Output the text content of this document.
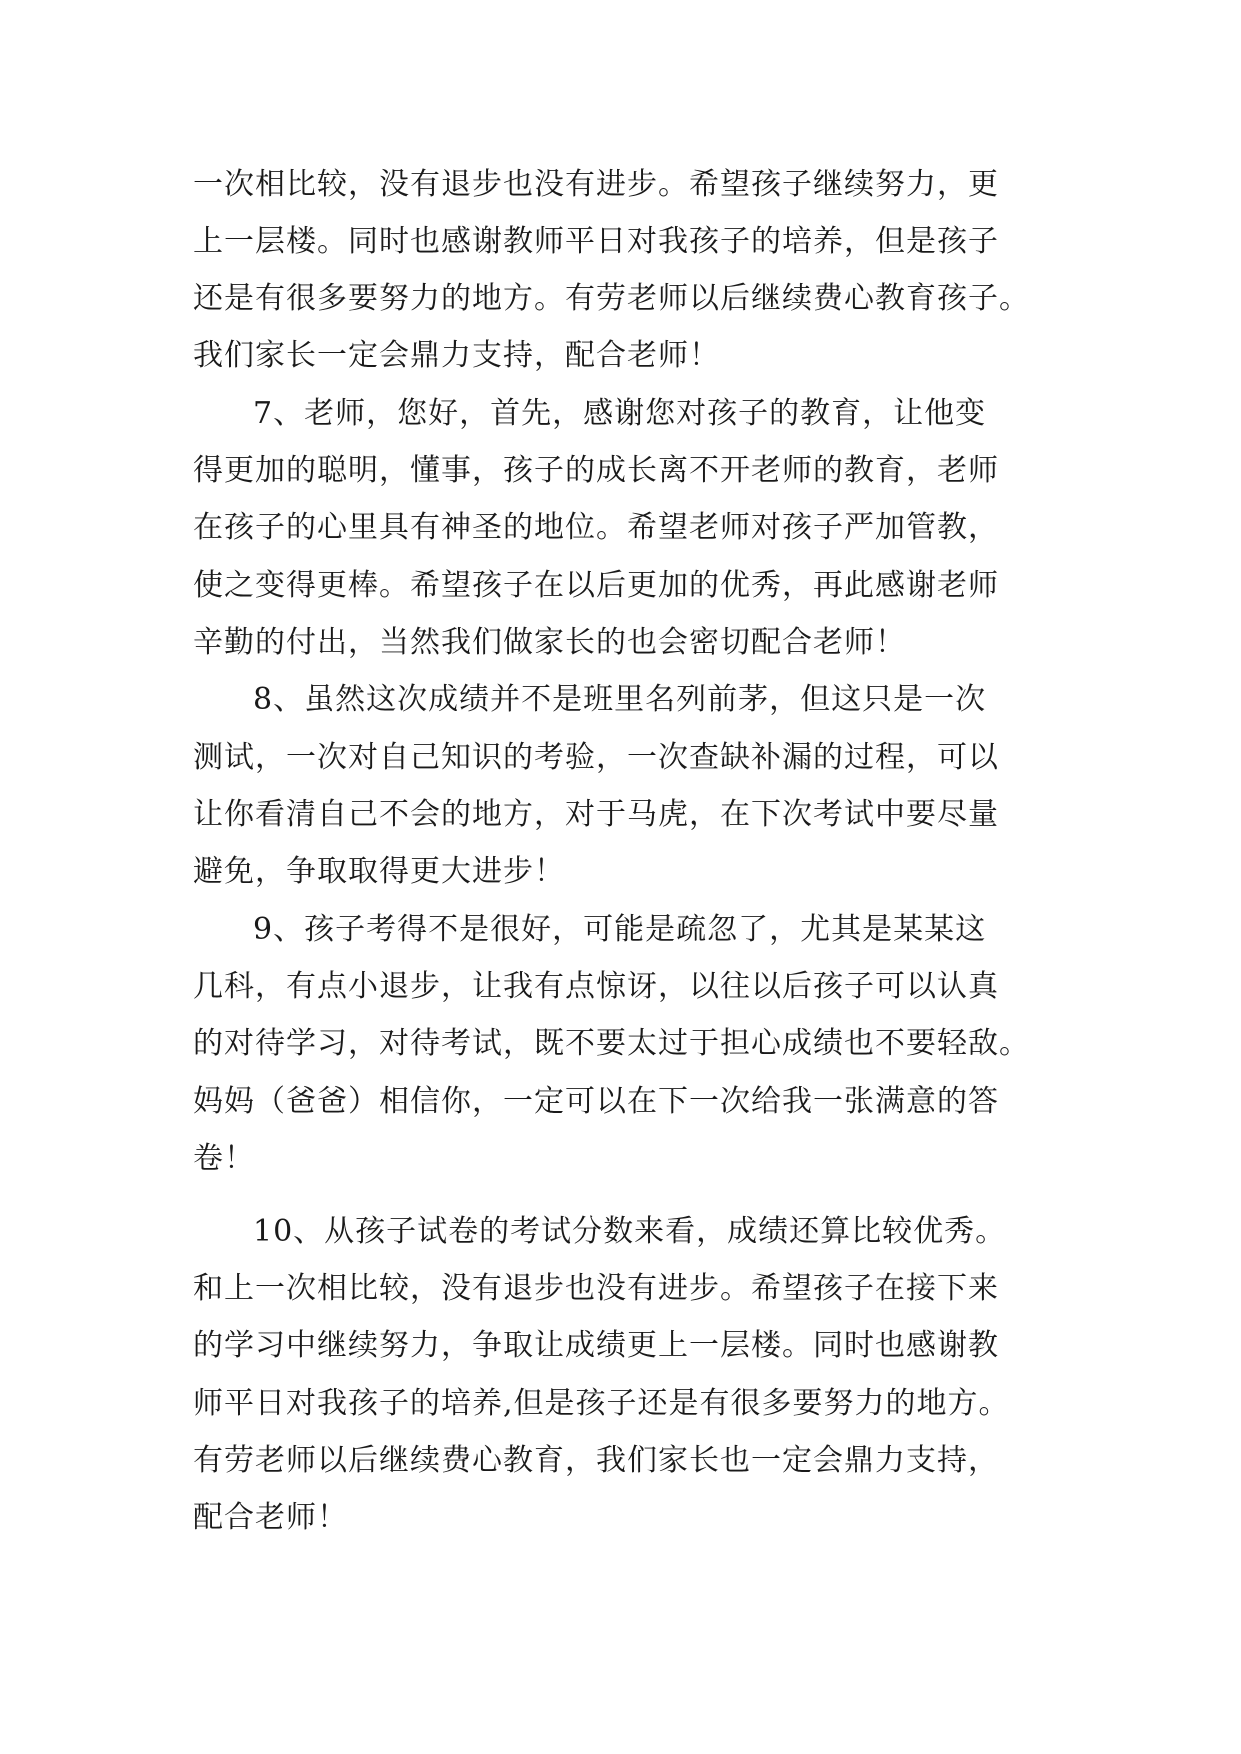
一次相比较，没有退步也没有进步。希望孩子继续努力，更
上一层楼。同时也感谢教师平日对我孩子的培养，但是孩子
还是有很多要努力的地方。有劳老师以后继续费心教育孩子。
我们家长一定会鼎力支持，配合老师！
7、老师，您好，首先，感谢您对孩子的教育，让他变
得更加的聪明，懂事，孩子的成长离不开老师的教育，老师
在孩子的心里具有神圣的地位。希望老师对孩子严加管教，
使之变得更棒。希望孩子在以后更加的优秀，再此感谢老师
辛勤的付出，当然我们做家长的也会密切配合老师！
8、虽然这次成绩并不是班里名列前茅，但这只是一次
测试，一次对自己知识的考验，一次查缺补漏的过程，可以
让你看清自己不会的地方，对于马虎，在下次考试中要尽量
避免，争取取得更大进步！
9、孩子考得不是很好，可能是疏忽了，尤其是某某这
几科，有点小退步，让我有点惊讶，以往以后孩子可以认真
的对待学习，对待考试，既不要太过于担心成绩也不要轻敌。
妈妈（爸爸）相信你，一定可以在下一次给我一张满意的答
卷！
10、从孩子试卷的考试分数来看，成绩还算比较优秀。
和上一次相比较，没有退步也没有进步。希望孩子在接下来
的学习中继续努力，争取让成绩更上一层楼。同时也感谢教
师平日对我孩子的培养,但是孩子还是有很多要努力的地方。
有劳老师以后继续费心教育，我们家长也一定会鼎力支持，
配合老师！
